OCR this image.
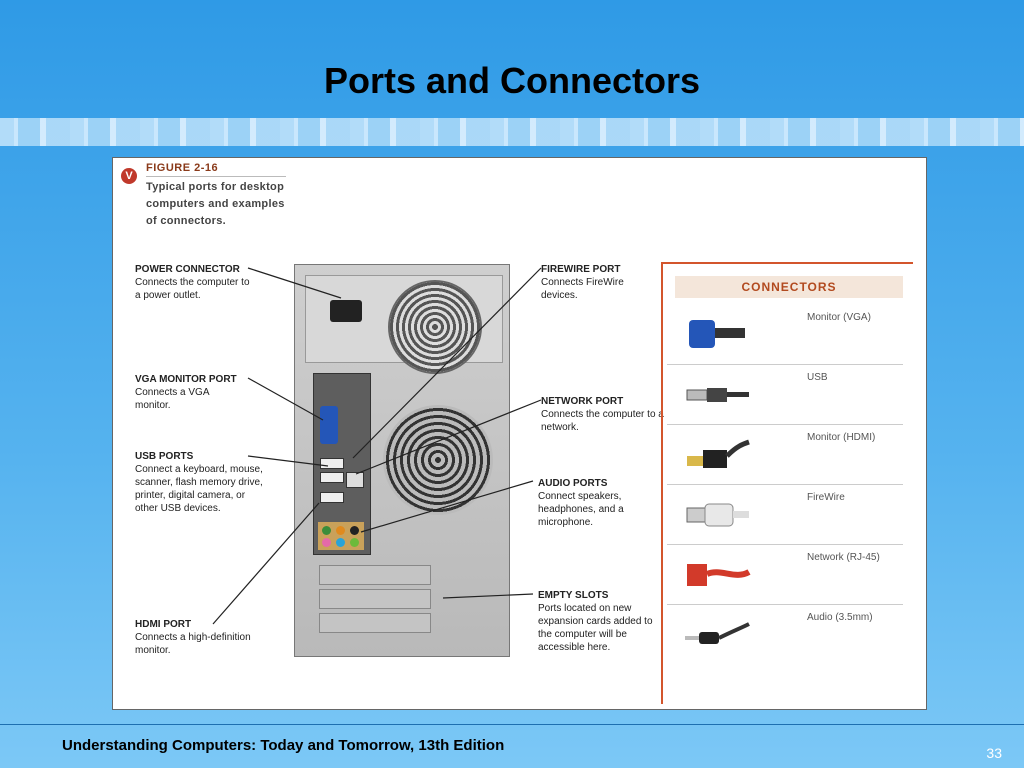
Ports and Connectors
V
FIGURE 2-16
Typical ports for desktop computers and examples of connectors.
POWER CONNECTOR
Connects the computer to a power outlet.
VGA MONITOR PORT
Connects a VGA monitor.
USB PORTS
Connect a keyboard, mouse, scanner, flash memory drive, printer, digital camera, or other USB devices.
HDMI PORT
Connects a high-definition monitor.
FIREWIRE PORT
Connects FireWire devices.
NETWORK PORT
Connects the computer to a network.
AUDIO PORTS
Connect speakers, headphones, and a microphone.
EMPTY SLOTS
Ports located on new expansion cards added to the computer will be accessible here.
CONNECTORS
Monitor (VGA)
USB
Monitor (HDMI)
FireWire
Network (RJ-45)
Audio (3.5mm)
Understanding Computers: Today and Tomorrow, 13th Edition	33
